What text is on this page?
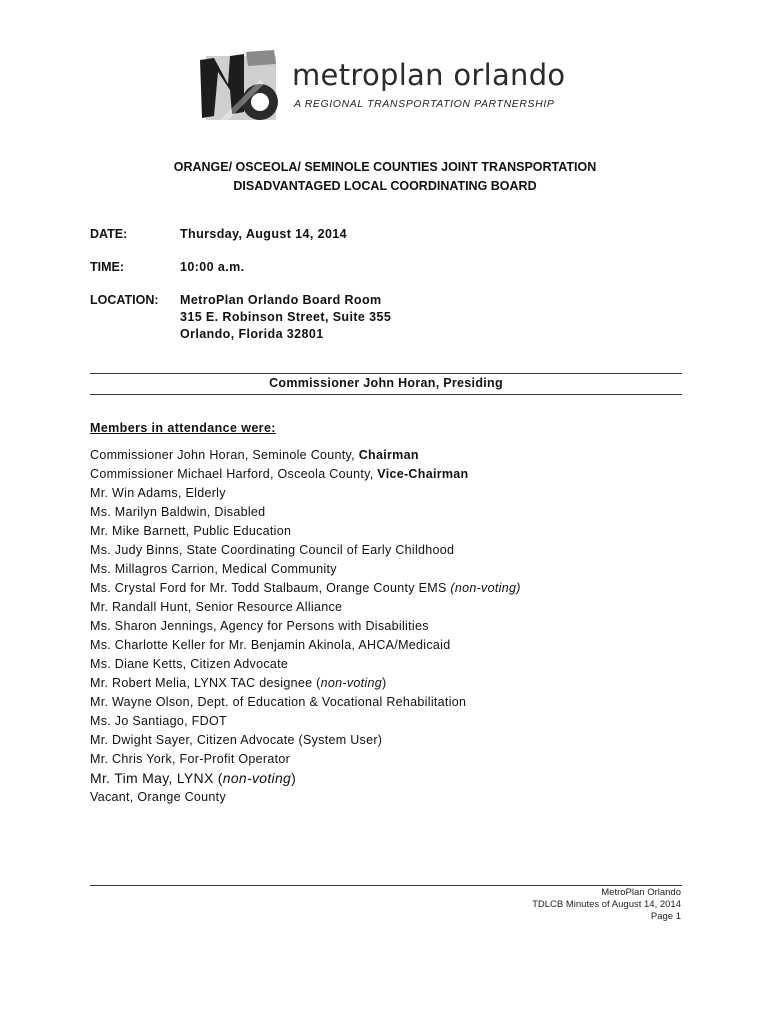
metroplan orlando
A REGIONAL TRANSPORTATION PARTNERSHIP
ORANGE/ OSCEOLA/ SEMINOLE COUNTIES JOINT TRANSPORTATION
DISADVANTAGED LOCAL COORDINATING BOARD
DATE:	Thursday, August 14, 2014
TIME:	10:00 a.m.
LOCATION: MetroPlan Orlando Board Room
315 E. Robinson Street, Suite 355
Orlando, Florida 32801
Commissioner John Horan, Presiding
Members in attendance were:
Commissioner John Horan, Seminole County, Chairman
Commissioner Michael Harford, Osceola County, Vice-Chairman
Mr. Win Adams, Elderly
Ms. Marilyn Baldwin, Disabled
Mr. Mike Barnett, Public Education
Ms. Judy Binns, State Coordinating Council of Early Childhood
Ms. Millagros Carrion, Medical Community
Ms. Crystal Ford for Mr. Todd Stalbaum, Orange County EMS (non-voting)
Mr. Randall Hunt, Senior Resource Alliance
Ms. Sharon Jennings, Agency for Persons with Disabilities
Ms. Charlotte Keller for Mr. Benjamin Akinola, AHCA/Medicaid
Ms. Diane Ketts, Citizen Advocate
Mr. Robert Melia, LYNX TAC designee (non-voting)
Mr. Wayne Olson, Dept. of Education & Vocational Rehabilitation
Ms. Jo Santiago, FDOT
Mr. Dwight Sayer, Citizen Advocate (System User)
Mr. Chris York, For-Profit Operator
Mr. Tim May, LYNX (non-voting)
Vacant, Orange County
MetroPlan Orlando
TDLCB Minutes of August 14, 2014
Page 1
